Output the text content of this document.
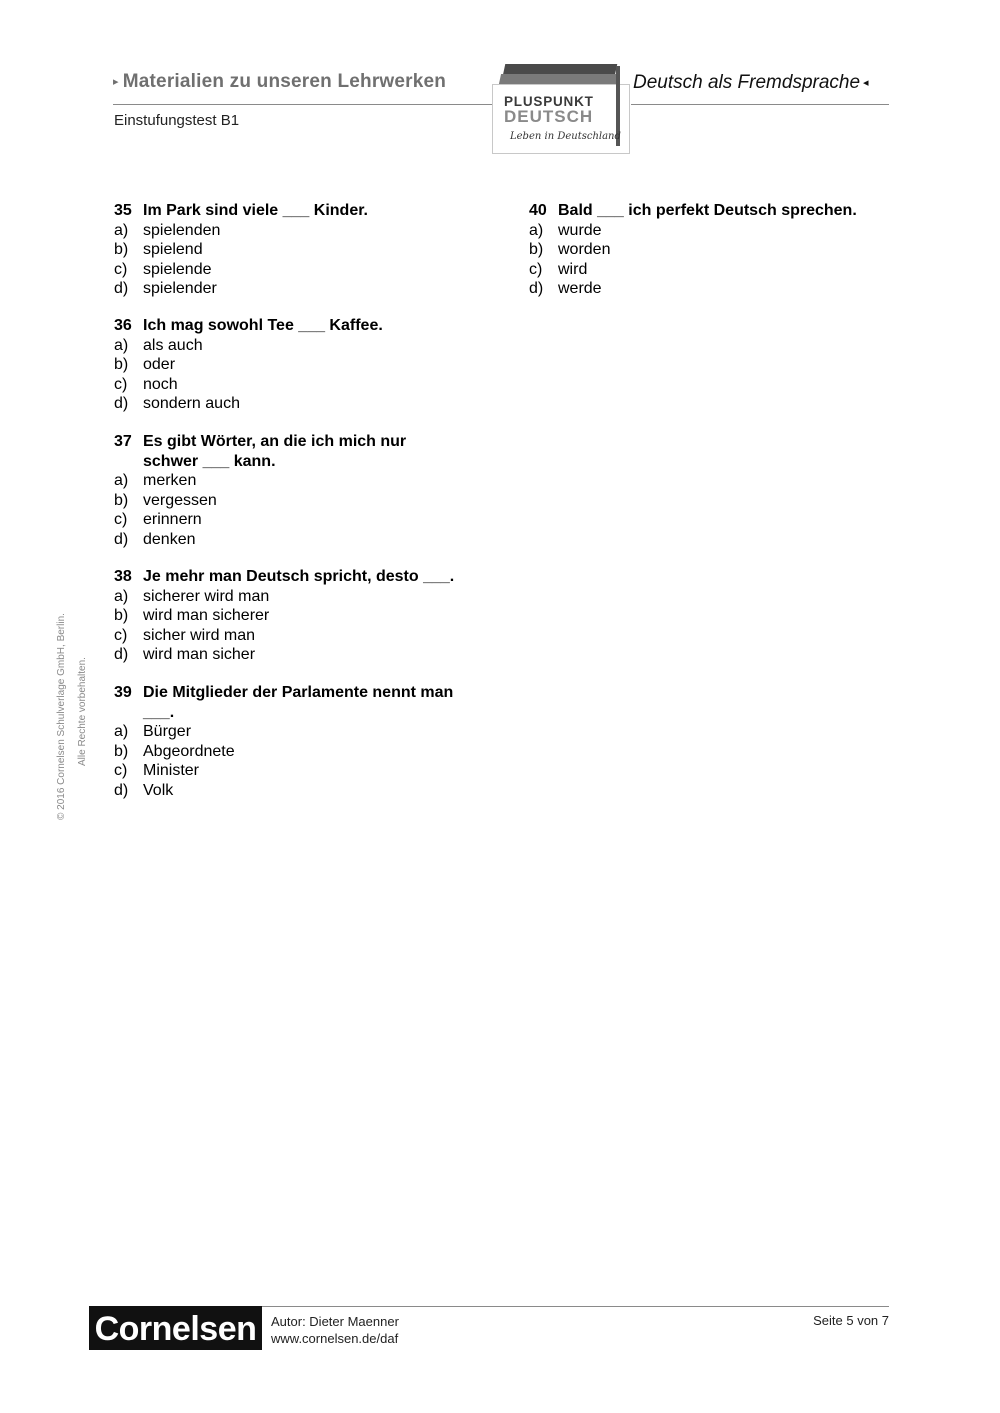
▸ Materialien zu unseren Lehrwerken
Einstufungstest B1
PLUSPUNKT
DEUTSCH
Leben in Deutschland
Deutsch als Fremdsprache ◂
© 2016 Cornelsen Schulverlage GmbH, Berlin. Alle Rechte vorbehalten.
35 Im Park sind viele ___ Kinder.
a) spielenden
b) spielend
c) spielende
d) spielender
36 Ich mag sowohl Tee ___ Kaffee.
a) als auch
b) oder
c) noch
d) sondern auch
37 Es gibt Wörter, an die ich mich nur schwer ___ kann.
a) merken
b) vergessen
c) erinnern
d) denken
38 Je mehr man Deutsch spricht, desto ___.
a) sicherer wird man
b) wird man sicherer
c) sicher wird man
d) wird man sicher
39 Die Mitglieder der Parlamente nennt man ___.
a) Bürger
b) Abgeordnete
c) Minister
d) Volk
40 Bald ___ ich perfekt Deutsch sprechen.
a) wurde
b) worden
c) wird
d) werde
Cornelsen	Autor: Dieter Maenner
www.cornelsen.de/daf
Seite 5 von 7
